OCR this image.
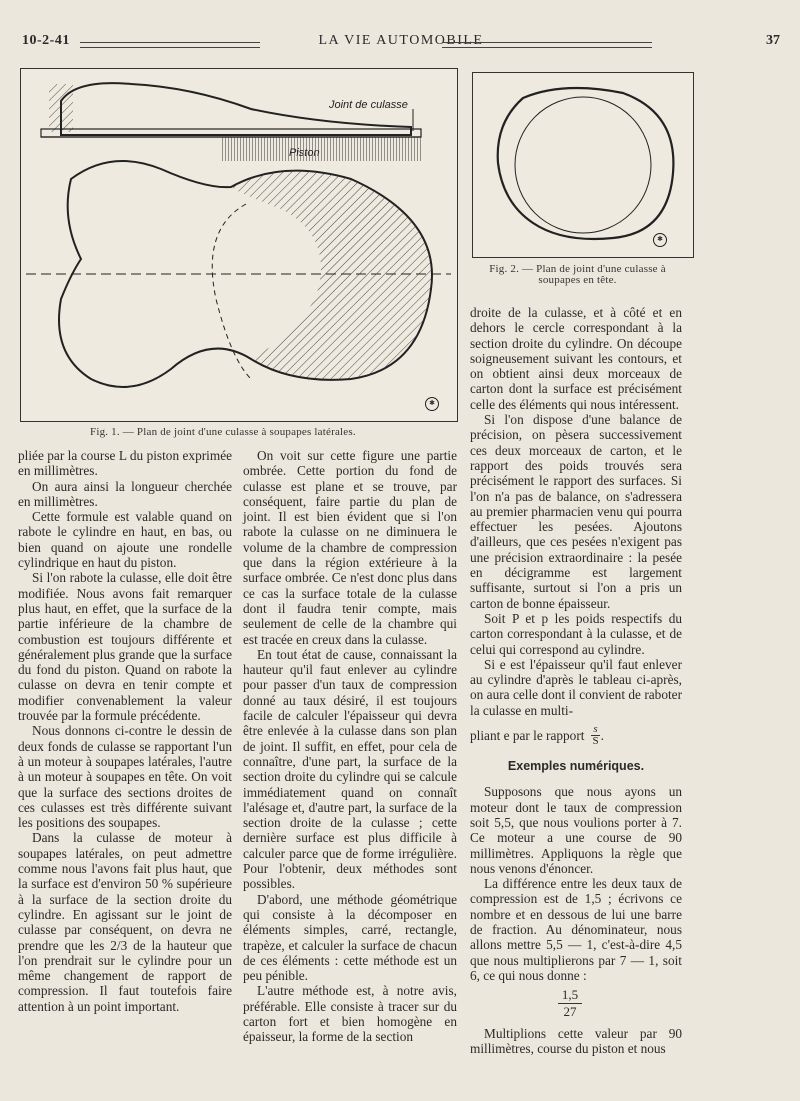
10-2-41	LA VIE AUTOMOBILE	37
Joint de culasse
Piston
✱
✱
Fig. 1. — Plan de joint d'une culasse à soupapes latérales.
Fig. 2. — Plan de joint d'une culasse à
soupapes en tête.

pliée par la course L du piston exprimée en millimètres.

On aura ainsi la longueur cherchée en millimètres.

Cette formule est valable quand on rabote le cylindre en haut, en bas, ou bien quand on ajoute une rondelle cylindrique en haut du piston.

Si l'on rabote la culasse, elle doit être modifiée. Nous avons fait remarquer plus haut, en effet, que la surface de la partie inférieure de la chambre de combustion est toujours différente et généralement plus grande que la surface du fond du piston. Quand on rabote la culasse on devra en tenir compte et modifier convenablement la valeur trouvée par la formule précédente.

Nous donnons ci-contre le dessin de deux fonds de culasse se rapportant l'un à un moteur à soupapes latérales, l'autre à un moteur à soupapes en tête. On voit que la surface des sections droites de ces culasses est très différente suivant les positions des soupapes.

Dans la culasse de moteur à soupapes latérales, on peut admettre comme nous l'avons fait plus haut, que la surface est d'environ 50 % supérieure à la surface de la section droite du cylindre. En agissant sur le joint de culasse par conséquent, on devra ne prendre que les 2/3 de la hauteur que l'on prendrait sur le cylindre pour un même changement de rapport de compression. Il faut toutefois faire attention à un point important.

On voit sur cette figure une partie ombrée. Cette portion du fond de culasse est plane et se trouve, par conséquent, faire partie du plan de joint. Il est bien évident que si l'on rabote la culasse on ne diminuera le volume de la chambre de compression que dans la région extérieure à la surface ombrée. Ce n'est donc plus dans ce cas la surface totale de la culasse dont il faudra tenir compte, mais seulement de celle de la chambre qui est tracée en creux dans la culasse.

En tout état de cause, connaissant la hauteur qu'il faut enlever au cylindre pour passer d'un taux de compression donné au taux désiré, il est toujours facile de calculer l'épaisseur qui devra être enlevée à la culasse dans son plan de joint. Il suffit, en effet, pour cela de connaître, d'une part, la surface de la section droite du cylindre qui se calcule immédiatement quand on connaît l'alésage et, d'autre part, la surface de la section droite de la culasse ; cette dernière surface est plus difficile à calculer parce que de forme irrégulière. Pour l'obtenir, deux méthodes sont possibles.

D'abord, une méthode géométrique qui consiste à la décomposer en éléments simples, carré, rectangle, trapèze, et calculer la surface de chacun de ces éléments : cette méthode est un peu pénible.

L'autre méthode est, à notre avis, préférable. Elle consiste à tracer sur du carton fort et bien homogène en épaisseur, la forme de la section

droite de la culasse, et à côté et en dehors le cercle correspondant à la section droite du cylindre. On découpe soigneusement suivant les contours, et on obtient ainsi deux morceaux de carton dont la surface est précisément celle des éléments qui nous intéressent.

Si l'on dispose d'une balance de précision, on pèsera successivement ces deux morceaux de carton, et le rapport des poids trouvés sera précisément le rapport des surfaces. Si l'on n'a pas de balance, on s'adressera au premier pharmacien venu qui pourra effectuer les pesées. Ajoutons d'ailleurs, que ces pesées n'exigent pas une précision extraordinaire : la pesée en décigramme est largement suffisante, surtout si l'on a pris un carton de bonne épaisseur.

Soit P et p les poids respectifs du carton correspondant à la culasse, et de celui qui correspond au cylindre.

Si e est l'épaisseur qu'il faut enlever au cylindre d'après le tableau ci-après, on aura celle dont il convient de raboter la culasse en multi-

pliant e par le rapport $\frac{s}{S}$ .

Exemples numériques.

Supposons que nous ayons un moteur dont le taux de compression soit 5,5, que nous voulions porter à 7. Ce moteur a une course de 90 millimètres. Appliquons la règle que nous venons d'énoncer.

La différence entre les deux taux de compression est de 1,5 ; écrivons ce nombre et en dessous de lui une barre de fraction. Au dénominateur, nous allons mettre 5,5 — 1, c'est-à-dire 4,5 que nous multiplierons par 7 — 1, soit 6, ce qui nous donne :

1,5
27

Multiplions cette valeur par 90 millimètres, course du piston et nous
